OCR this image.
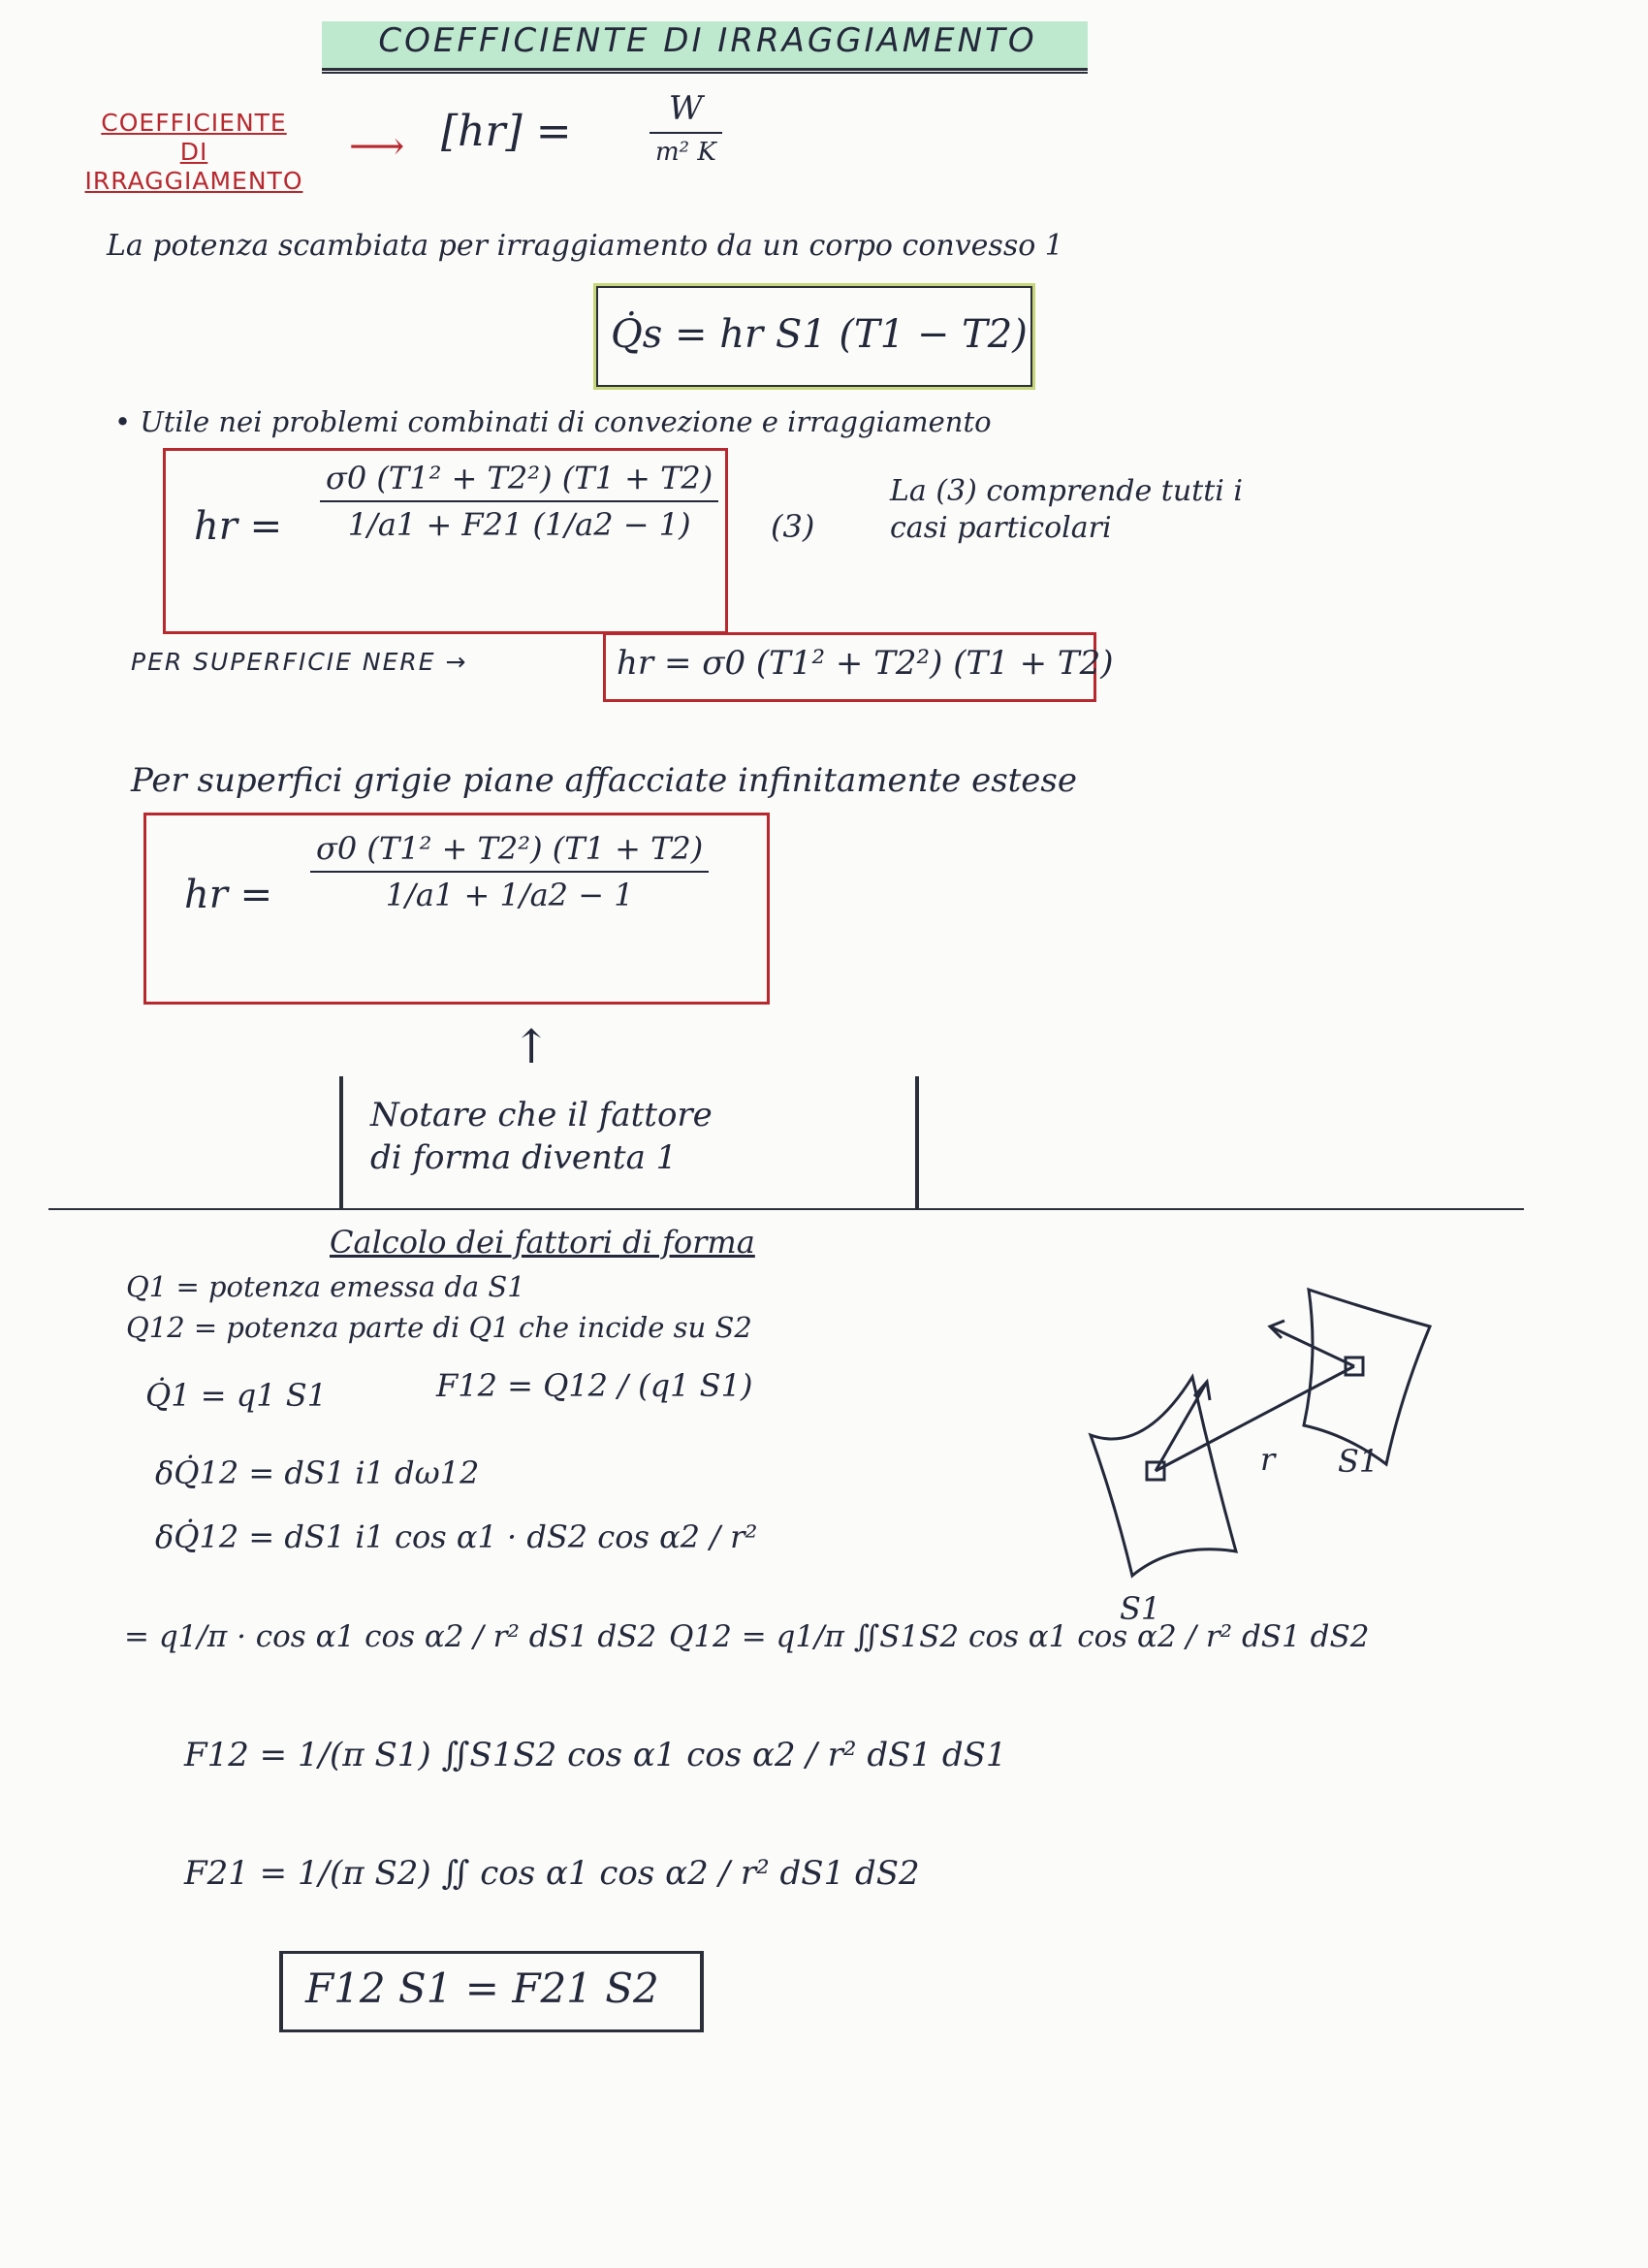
COEFFICIENTE DI IRRAGGIAMENTO
COEFFICIENTE
DI
IRRAGGIAMENTO
⟶ $[hr] = \frac{W}{\text{m² K}}$
La potenza scambiata per irraggiamento da un corpo convesso 1
Q̇s = hr S1 (T1 − T2)
• Utile nei problemi combinati di convezione e irraggiamento
hr = $\frac{\text{σ0 (T1² + T2²) (T1 + T2)}}{1/a1 + F21 (1/a2 - 1)} (3)$
La (3) comprende tutti i
casi particolari
PER SUPERFICIE NERE →	hr = σ0 (T1² + T2²) (T1 + T2)
Per superfici grigie piane affacciate infinitamente estese
hr = $\frac{\text{σ0 (T1² + T2²) (T1 + T2)}}{1/a1 + 1/a2 - 1}$
↑
Notare che il fattore
di forma diventa 1
Calcolo dei fattori di forma
Q1 = potenza emessa da S1
Q12 = potenza parte di Q1 che incide su S2
Q̇1 = q1 S1	F12 = Q12 / (q1 S1)
δQ̇12 = dS1 i1 dω12
δQ̇12 = dS1 i1 cos α1 · dS2 cos α2 / r²
= q1/π · cos α1 cos α2 / r² dS1 dS2 Q12 = q1/π ∬S1S2 cos α1 cos α2 / r² dS1 dS2
F12 = 1/(π S1) ∬S1S2 cos α1 cos α2 / r² dS1 dS1
F21 = 1/(π S2) ∬ cos α1 cos α2 / r² dS1 dS2
F12 S1 = F21 S2
r
S1
S1
